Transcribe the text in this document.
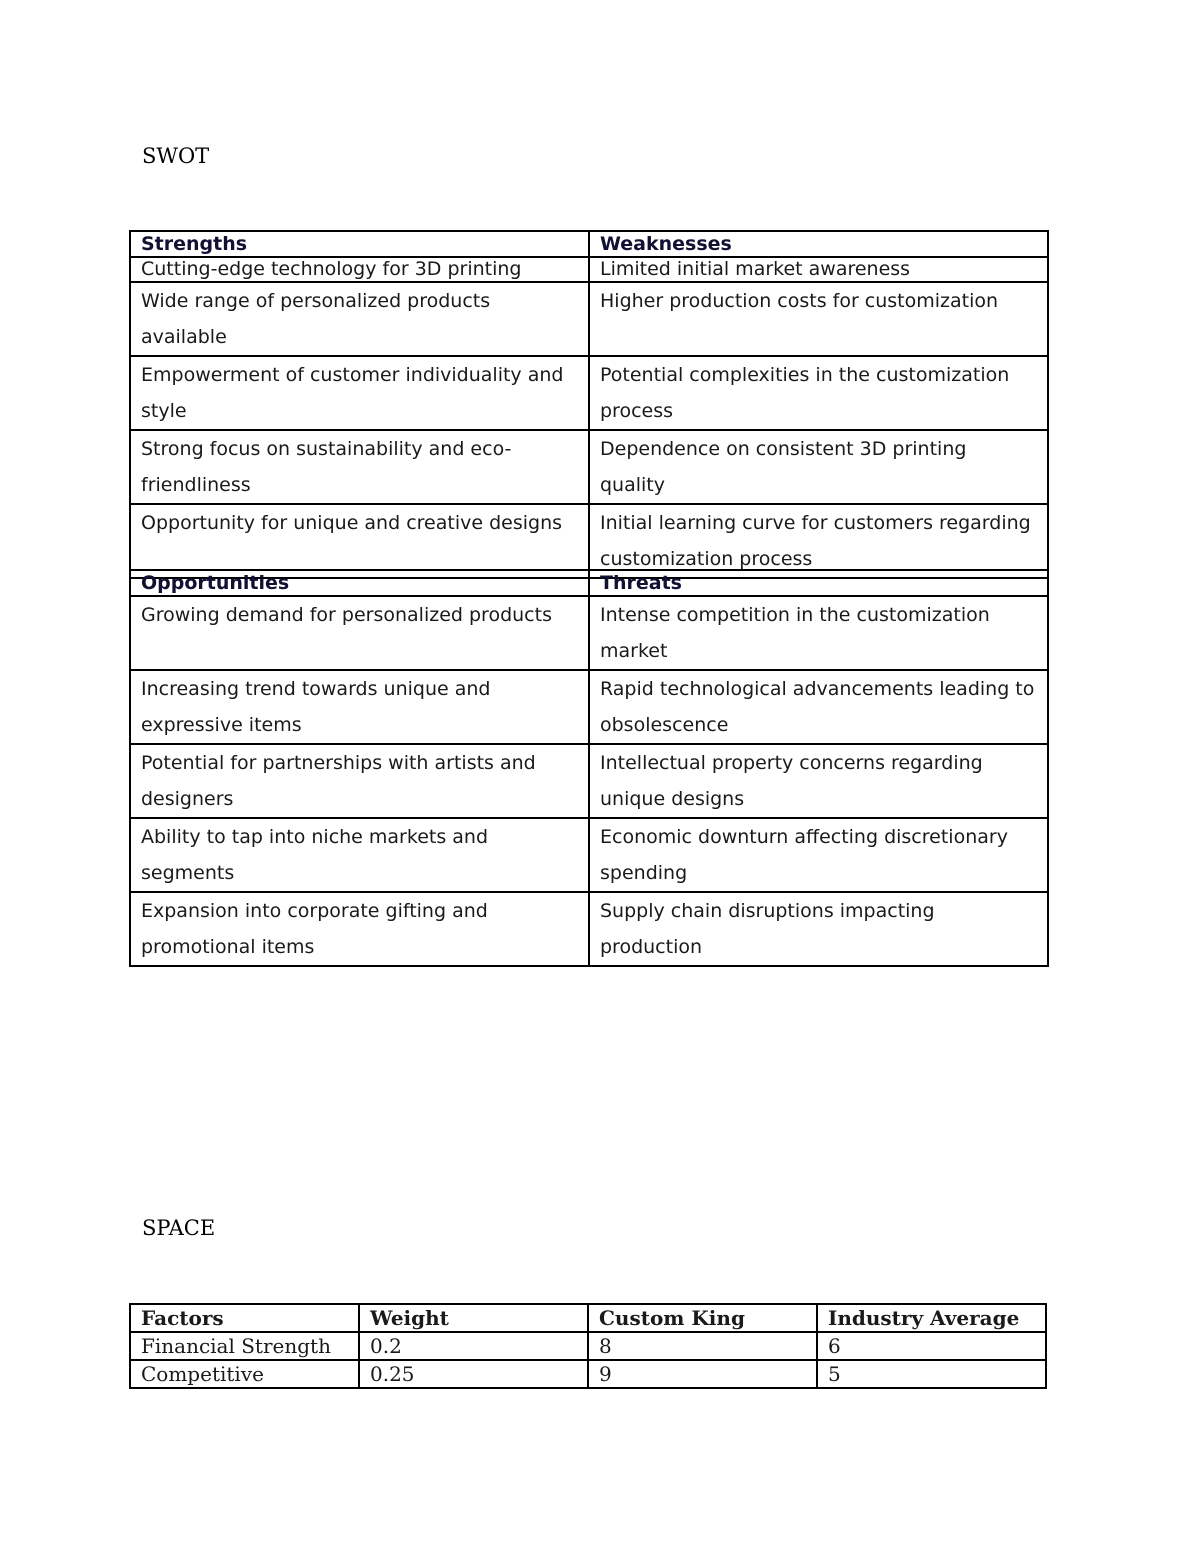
SWOT
Strengths	Weaknesses
Cutting-edge technology for 3D printing	Limited initial market awareness
Wide range of personalized products available	Higher production costs for customization
Empowerment of customer individuality and style	Potential complexities in the customization process
Strong focus on sustainability and eco-friendliness	Dependence on consistent 3D printing quality
Opportunity for unique and creative designs	Initial learning curve for customers regarding customization process
Opportunities	Threats
Growing demand for personalized products	Intense competition in the customization market
Increasing trend towards unique and expressive items	Rapid technological advancements leading to obsolescence
Potential for partnerships with artists and designers	Intellectual property concerns regarding unique designs
Ability to tap into niche markets and segments	Economic downturn affecting discretionary spending
Expansion into corporate gifting and promotional items	Supply chain disruptions impacting production
SPACE
Factors	Weight	Custom King	Industry Average
Financial Strength	0.2	8	6
Competitive	0.25	9	5
